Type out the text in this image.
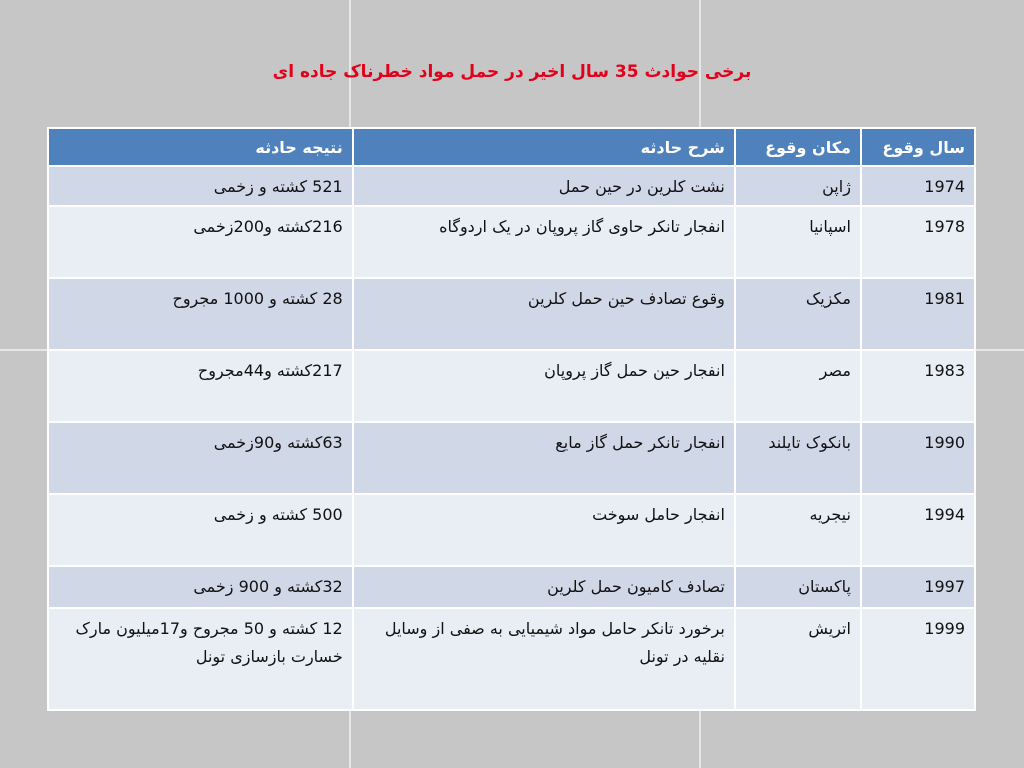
برخی حوادث 35 سال اخیر در حمل مواد خطرناک جاده ای
سال وقوع	مکان وقوع	شرح حادثه	نتیجه حادثه
1974	ژاپن	نشت کلرین در حین حمل	521 کشته و زخمی
1978	اسپانیا	انفجار تانکر حاوی گاز پروپان در یک اردوگاه	216کشته و200زخمی
1981	مکزیک	وقوع تصادف حین حمل کلرین	28 کشته و 1000 مجروح
1983	مصر	انفجار حین حمل گاز پروپان	217کشته و44مجروح
1990	بانکوک تایلند	انفجار تانکر حمل گاز مایع	63کشته و90زخمی
1994	نیجریه	انفجار حامل سوخت	500 کشته و زخمی
1997	پاکستان	تصادف کامیون حمل کلرین	32کشته و 900 زخمی
1999	اتریش	برخورد تانکر حامل مواد شیمیایی به صفی از وسایل نقلیه در تونل	12 کشته و 50 مجروح و17میلیون مارک خسارت بازسازی تونل
